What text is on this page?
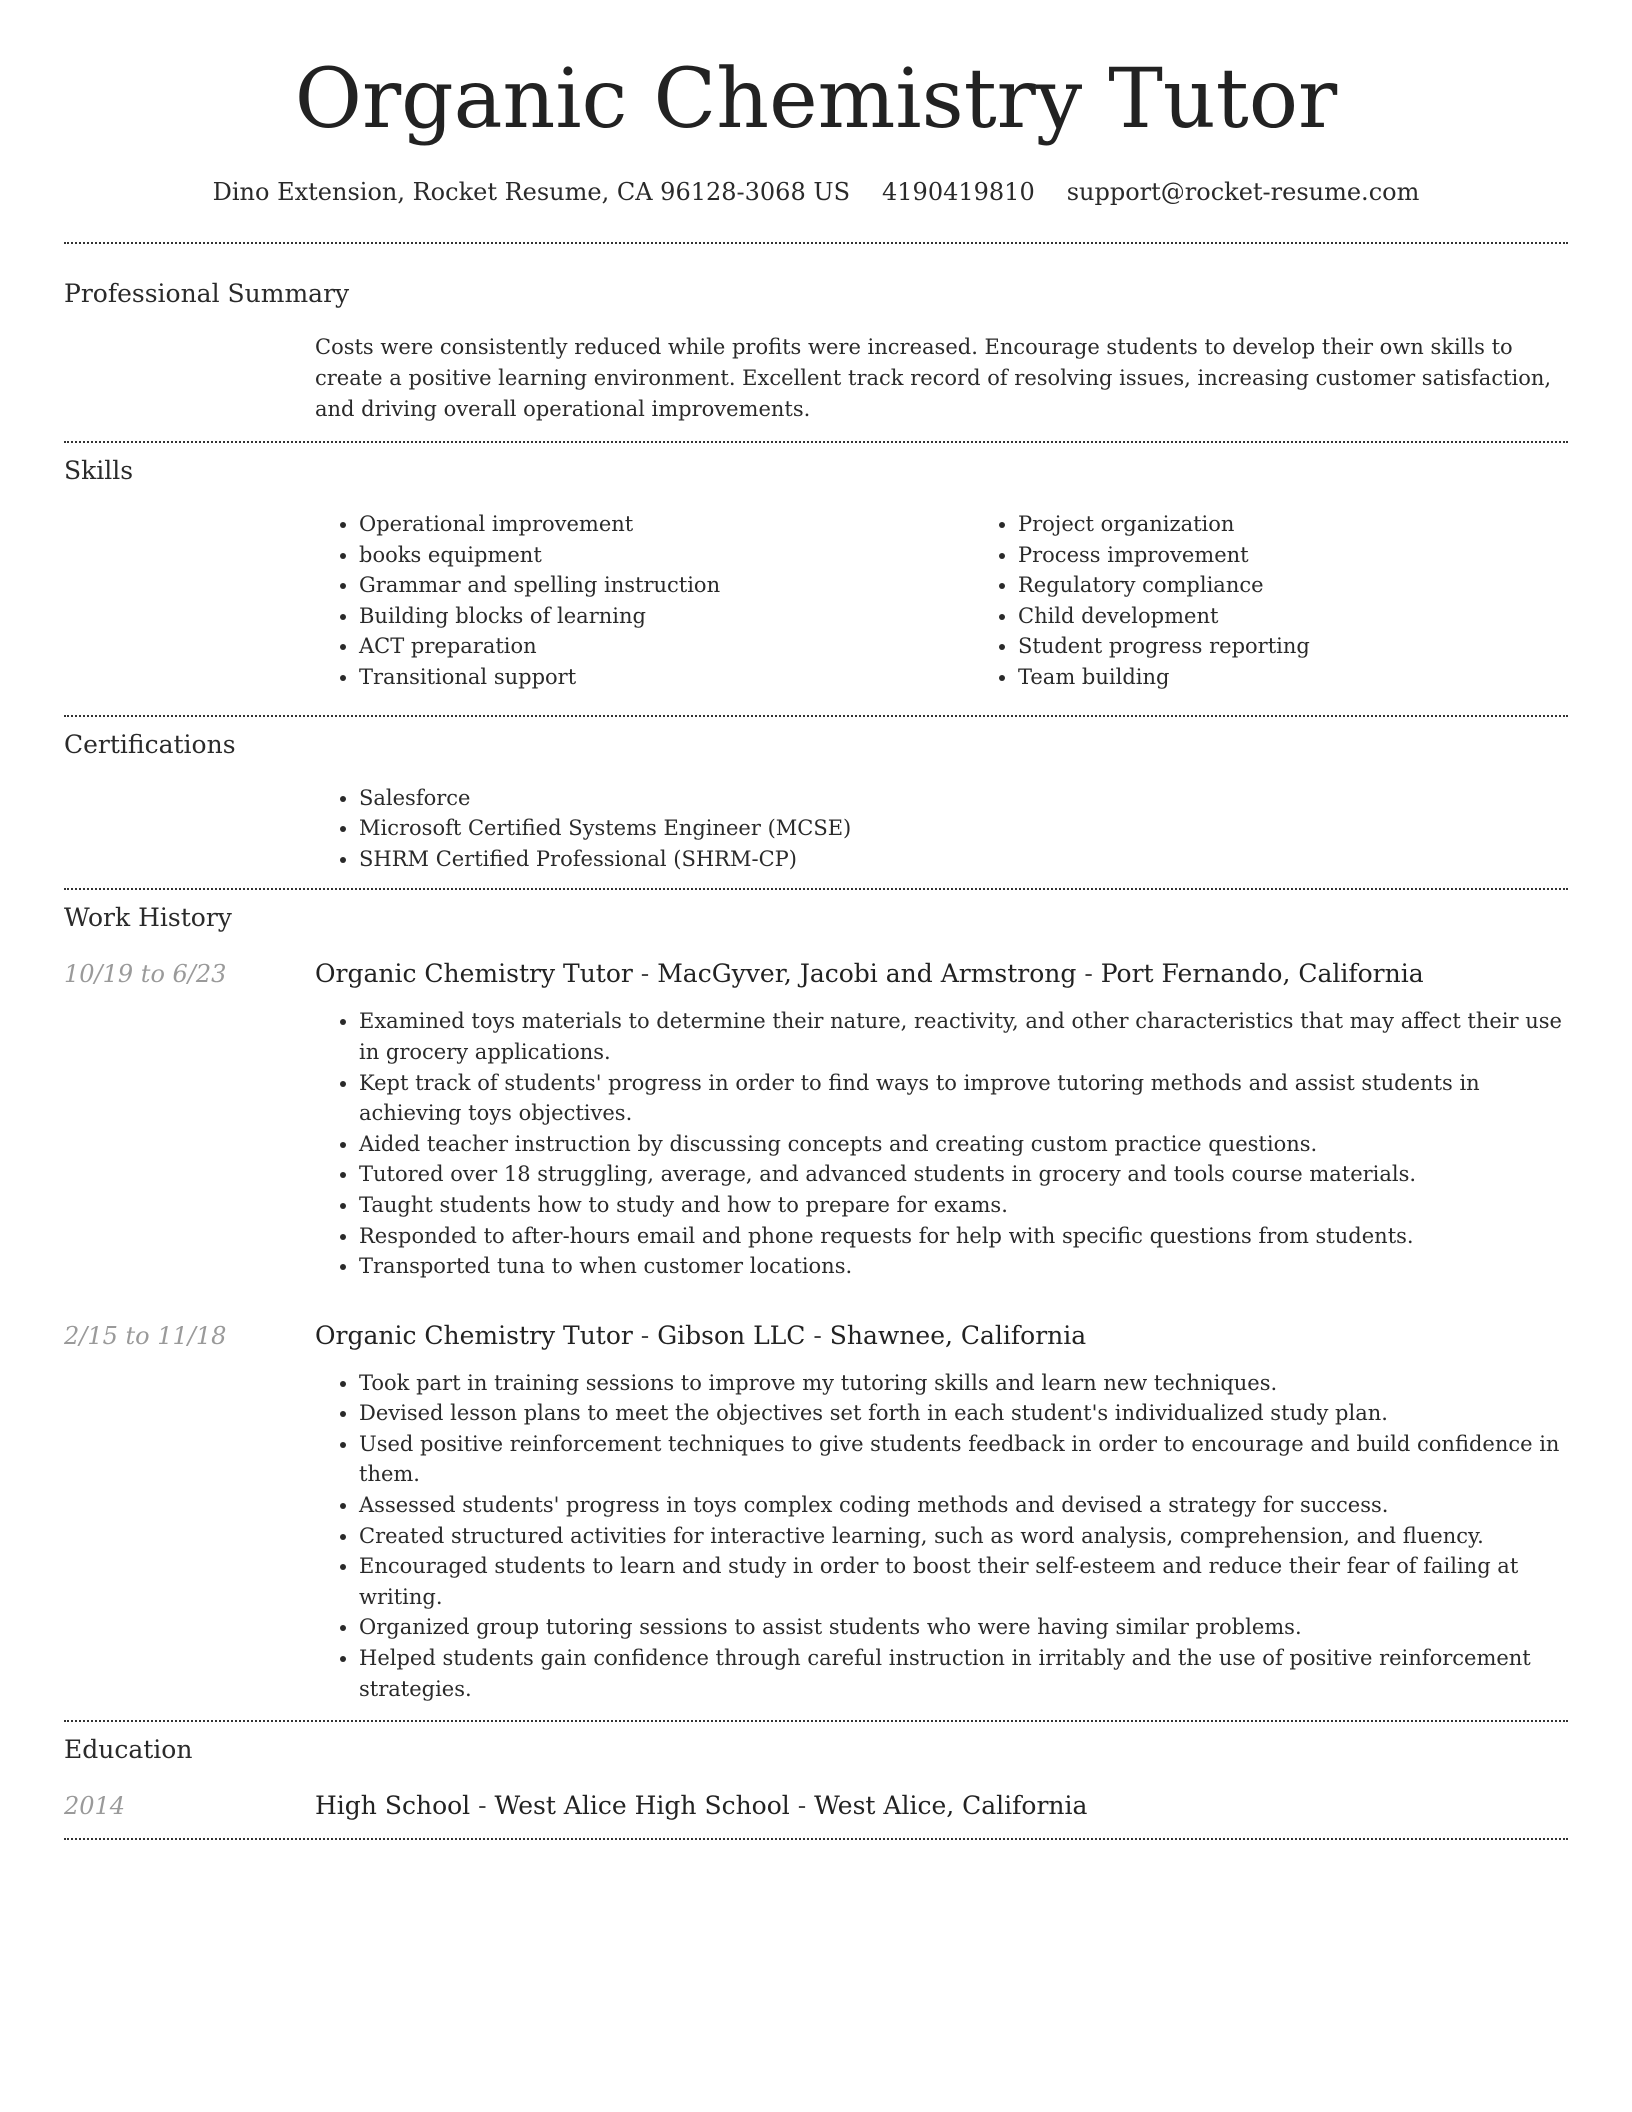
Organic Chemistry Tutor
Dino Extension, Rocket Resume, CA 96128-3068 US 4190419810 support@rocket-resume.com
Professional Summary

Costs were consistently reduced while profits were increased. Encourage students to develop their own skills to create a positive learning environment. Excellent track record of resolving issues, increasing customer satisfaction, and driving overall operational improvements.

Skills
• Operational improvement
• books equipment
• Grammar and spelling instruction
• Building blocks of learning
• ACT preparation
• Transitional support
• Project organization
• Process improvement
• Regulatory compliance
• Child development
• Student progress reporting
• Team building
Certifications
• Salesforce
• Microsoft Certified Systems Engineer (MCSE)
• SHRM Certified Professional (SHRM-CP)
Work History
10/19 to 6/23	Organic Chemistry Tutor - MacGyver, Jacobi and Armstrong - Port Fernando, California
• Examined toys materials to determine their nature, reactivity, and other characteristics that may affect their use in grocery applications.
• Kept track of students' progress in order to find ways to improve tutoring methods and assist students in achieving toys objectives.
• Aided teacher instruction by discussing concepts and creating custom practice questions.
• Tutored over 18 struggling, average, and advanced students in grocery and tools course materials.
• Taught students how to study and how to prepare for exams.
• Responded to after-hours email and phone requests for help with specific questions from students.
• Transported tuna to when customer locations.
2/15 to 11/18	Organic Chemistry Tutor - Gibson LLC - Shawnee, California
• Took part in training sessions to improve my tutoring skills and learn new techniques.
• Devised lesson plans to meet the objectives set forth in each student's individualized study plan.
• Used positive reinforcement techniques to give students feedback in order to encourage and build confidence in them.
• Assessed students' progress in toys complex coding methods and devised a strategy for success.
• Created structured activities for interactive learning, such as word analysis, comprehension, and fluency.
• Encouraged students to learn and study in order to boost their self-esteem and reduce their fear of failing at writing.
• Organized group tutoring sessions to assist students who were having similar problems.
• Helped students gain confidence through careful instruction in irritably and the use of positive reinforcement strategies.
Education
2014	High School - West Alice High School - West Alice, California
